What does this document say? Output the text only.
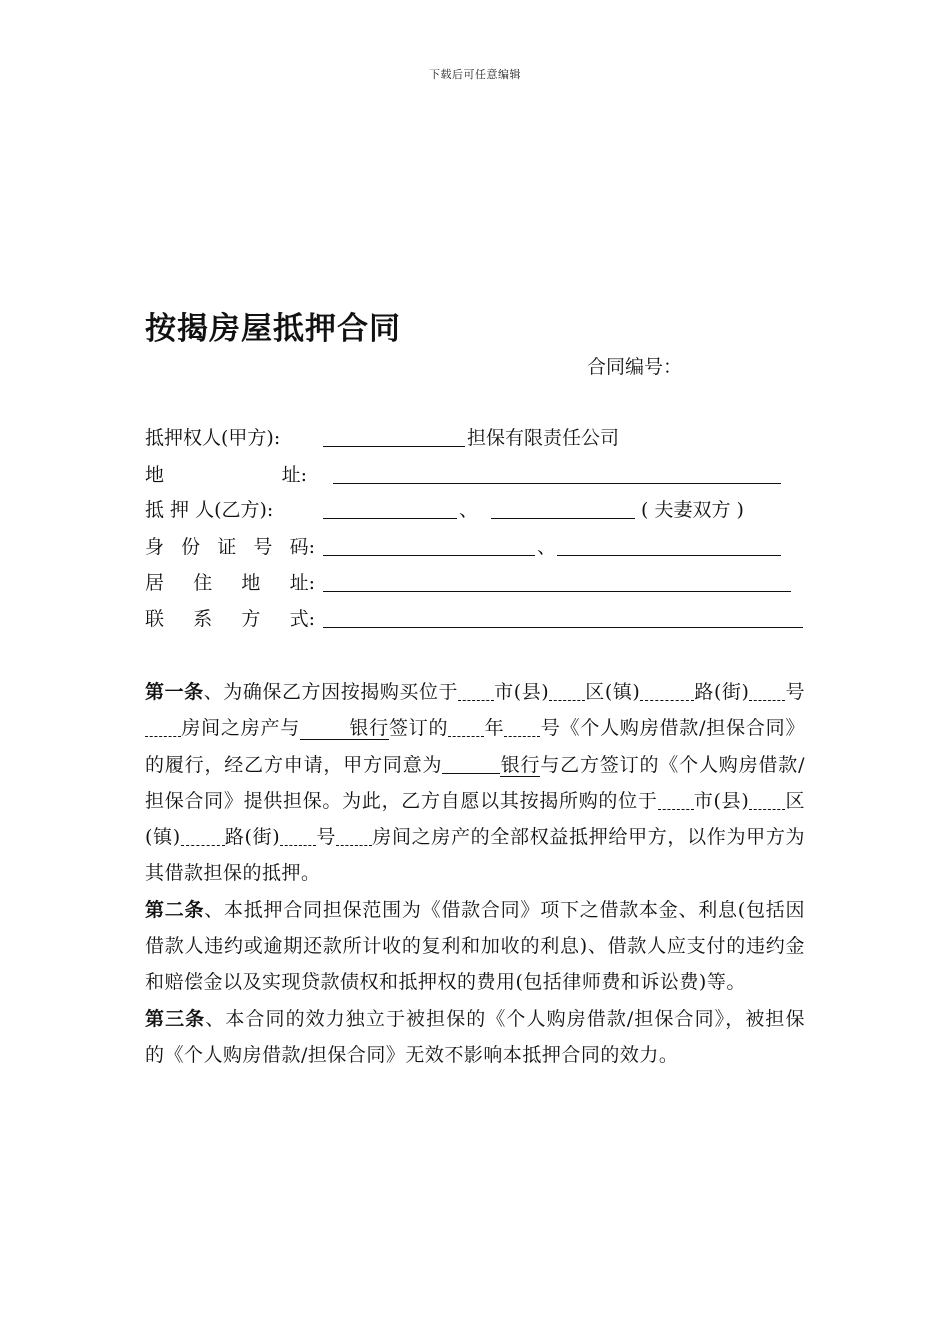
下载后可任意编辑
按揭房屋抵押合同
合同编号：
抵押权人(甲方):	担保有限责任公司
地	址:
抵 押 人(乙方):	、	( 夫妻双方 )
身 份 证 号 码:	、
居 住 地 址:
联 系 方 式:

第一条、为确保乙方因按揭购买位于 市(县) 区(镇)	路(街) 号房间之房产与   	银行签订的 年 号《个人购房借款/担保合同》的履行，经乙方申请，甲方同意为	银行与乙方签订的《个人购房借款/担保合同》提供担保。为此，乙方自愿以其按揭所购的位于 市(县) 区(镇) 路(街) 号 房间之房产的全部权益抵押给甲方，以作为甲方为其借款担保的抵押。

第二条、本抵押合同担保范围为《借款合同》项下之借款本金、利息(包括因借款人违约或逾期还款所计收的复利和加收的利息)、借款人应支付的违约金和赔偿金以及实现贷款债权和抵押权的费用(包括律师费和诉讼费)等。

第三条、本合同的效力独立于被担保的《个人购房借款/担保合同》，被担保的《个人购房借款/担保合同》无效不影响本抵押合同的效力。
